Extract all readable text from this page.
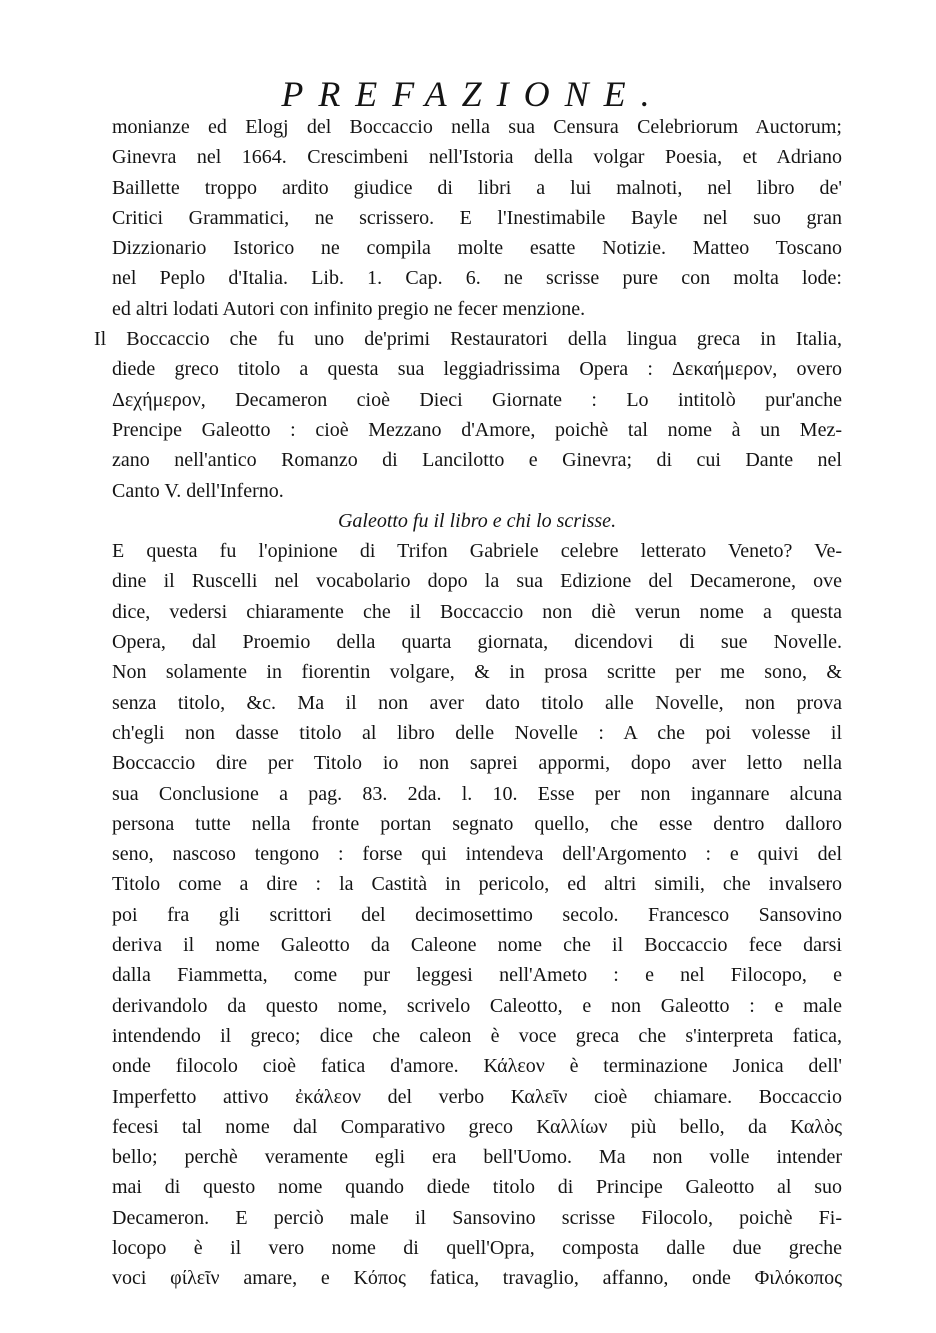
PREFAZIONE.
monianze ed Elogj del Boccaccio nella sua Censura Celebriorum Auctorum;
Ginevra nel 1664. Crescimbeni nell'Istoria della volgar Poesia, et Adriano
Baillette troppo ardito giudice di libri a lui malnoti, nel libro de'
Critici Grammatici, ne scrissero. E l'Inestimabile Bayle nel suo gran
Dizzionario Istorico ne compila molte esatte Notizie. Matteo Toscano
nel Peplo d'Italia. Lib. 1. Cap. 6. ne scrisse pure con molta lode:
ed altri lodati Autori con infinito pregio ne fecer menzione.
Il Boccaccio che fu uno de'primi Restauratori della lingua greca in Italia,
diede greco titolo a questa sua leggiadrissima Opera : Δεκαήμερον, overo
Δεχήμερον, Decameron cioè Dieci Giornate : Lo intitolò pur'anche
Prencipe Galeotto : cioè Mezzano d'Amore, poichè tal nome à un Mez-
zano nell'antico Romanzo di Lancilotto e Ginevra; di cui Dante nel
Canto V. dell'Inferno.
Galeotto fu il libro e chi lo scrisse.
E questa fu l'opinione di Trifon Gabriele celebre letterato Veneto? Ve-
dine il Ruscelli nel vocabolario dopo la sua Edizione del Decamerone, ove
dice, vedersi chiaramente che il Boccaccio non diè verun nome a questa
Opera, dal Proemio della quarta giornata, dicendovi di sue Novelle.
Non solamente in fiorentin volgare, & in prosa scritte per me sono, &
senza titolo, &c. Ma il non aver dato titolo alle Novelle, non prova
ch'egli non dasse titolo al libro delle Novelle : A che poi volesse il
Boccaccio dire per Titolo io non saprei appormi, dopo aver letto nella
sua Conclusione a pag. 83. 2da. l. 10. Esse per non ingannare alcuna
persona tutte nella fronte portan segnato quello, che esse dentro dalloro
seno, nascoso tengono : forse qui intendeva dell'Argomento : e quivi del
Titolo come a dire : la Castità in pericolo, ed altri simili, che invalsero
poi fra gli scrittori del decimosettimo secolo. Francesco Sansovino
deriva il nome Galeotto da Caleone nome che il Boccaccio fece darsi
dalla Fiammetta, come pur leggesi nell'Ameto : e nel Filocopo, e
derivandolo da questo nome, scrivelo Caleotto, e non Galeotto : e male
intendendo il greco; dice che caleon è voce greca che s'interpreta fatica,
onde filocolo cioè fatica d'amore. Κάλεον è terminazione Jonica dell'
Imperfetto attivo ἐκάλεον del verbo Καλεῖν cioè chiamare. Boccaccio
fecesi tal nome dal Comparativo greco Καλλίων più bello, da Καλὸς
bello; perchè veramente egli era bell'Uomo. Ma non volle intender
mai di questo nome quando diede titolo di Principe Galeotto al suo
Decameron. E perciò male il Sansovino scrisse Filocolo, poichè Fi-
locopo è il vero nome di quell'Opra, composta dalle due greche
voci φίλεῖν amare, e Κόπος fatica, travaglio, affanno, onde Φιλόκοπος
